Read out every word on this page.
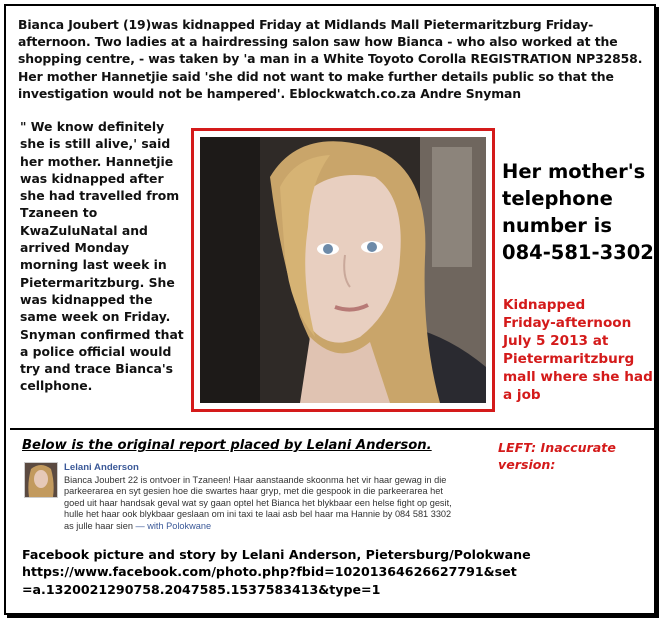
Bianca Joubert (19)was kidnapped Friday at Midlands Mall Pietermaritzburg Friday-afternoon. Two ladies at a hairdressing salon saw how Bianca - who also worked at the shopping centre, - was taken by 'a man in a White Toyoto Corolla REGISTRATION NP32858. Her mother Hannetjie said 'she did not want to make further details public so that the investigation would not be hampered'. Eblockwatch.co.za Andre Snyman
" We know definitely she is still alive,' said her mother. Hannetjie was kidnapped after she had travelled from Tzaneen to KwaZuluNatal and arrived Monday morning last week in Pietermaritzburg. She was kidnapped the same week on Friday. Snyman confirmed that a police official would try and trace Bianca's cellphone.
Her mother's
telephone
number is
084-581-3302
Kidnapped
Friday-afternoon
July 5 2013 at
Pietermaritzburg
mall where she had
a job
Below is the original report placed by Lelani Anderson.	LEFT: Inaccurate version:
Lelani Anderson
Bianca Joubert 22 is ontvoer in Tzaneen! Haar aanstaande skoonma het vir haar gewag in die parkeerarea en syt gesien hoe die swartes haar gryp, met die gespook in die parkeerarea het goed uit haar handsak geval wat sy gaan optel het Bianca het blykbaar een helse fight op gesit, hulle het haar ook blykbaar geslaan om ini taxi te laai asb bel haar ma Hannie by 084 581 3302 as julle haar sien — with Polokwane
Facebook picture and story by Lelani Anderson, Pietersburg/Polokwane https://www.facebook.com/photo.php?fbid=10201364626627791&set =a.1320021290758.2047585.1537583413&type=1
